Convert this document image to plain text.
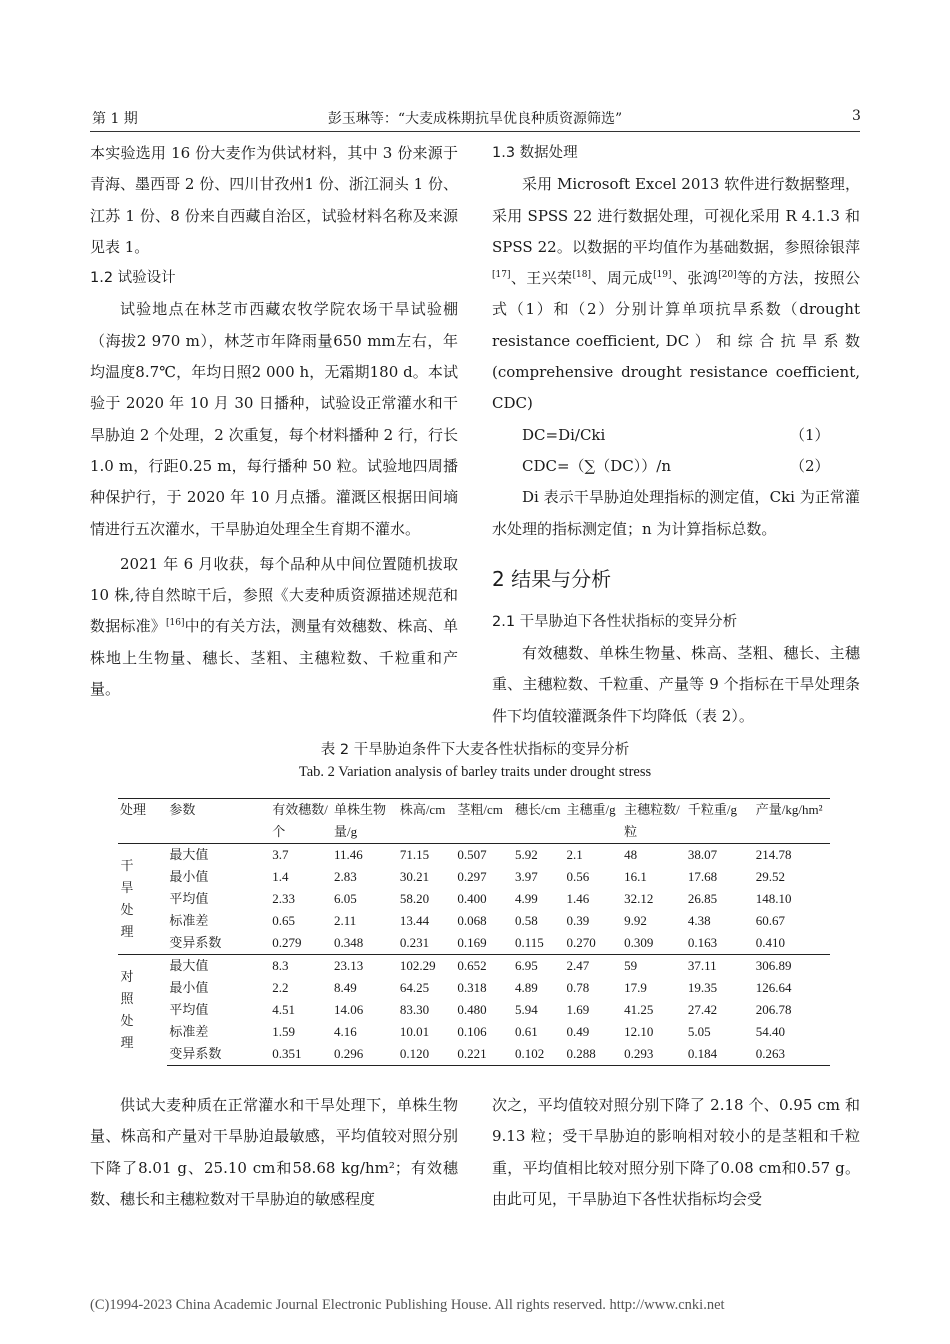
第 1 期	彭玉琳等：“大麦成株期抗旱优良种质资源筛选”	3

本实验选用 16 份大麦作为供试材料，其中 3 份来源于青海、墨西哥 2 份、四川甘孜州1 份、浙江洞头 1 份、江苏 1 份、8 份来自西藏自治区，试验材料名称及来源见表 1。

1.2 试验设计

试验地点在林芝市西藏农牧学院农场干旱试验棚（海拔2 970 m），林芝市年降雨量650 mm左右，年均温度8.7℃，年均日照2 000 h，无霜期180 d。本试验于 2020 年 10 月 30 日播种，试验设正常灌水和干旱胁迫 2 个处理，2 次重复，每个材料播种 2 行，行长1.0 m，行距0.25 m，每行播种 50 粒。试验地四周播种保护行，于 2020 年 10 月点播。灌溉区根据田间墒情进行五次灌水，干旱胁迫处理全生育期不灌水。

2021 年 6 月收获，每个品种从中间位置随机拔取 10 株,待自然晾干后，参照《大麦种质资源描述规范和数据标准》[16]中的有关方法，测量有效穗数、株高、单株地上生物量、穗长、茎粗、主穗粒数、千粒重和产量。

1.3 数据处理

采用 Microsoft Excel 2013 软件进行数据整理，采用 SPSS 22 进行数据处理，可视化采用 R 4.1.3 和 SPSS 22。以数据的平均值作为基础数据，参照徐银萍[17]、王兴荣[18]、周元成[19]、张鸿[20]等的方法，按照公式（1）和（2）分别计算单项抗旱系数（drought resistance coefficient, DC ） 和 综 合 抗 旱 系 数 (comprehensive drought resistance coefficient, CDC)

DC=Di/Cki	（1）

CDC=（∑（DC））/n	（2）

Di 表示干旱胁迫处理指标的测定值，Cki 为正常灌水处理的指标测定值；n 为计算指标总数。

2 结果与分析

2.1 干旱胁迫下各性状指标的变异分析

有效穗数、单株生物量、株高、茎粗、穗长、主穗重、主穗粒数、千粒重、产量等 9 个指标在干旱处理条件下均值较灌溉条件下均降低（表 2）。

表 2 干旱胁迫条件下大麦各性状指标的变异分析
Tab. 2 Variation analysis of barley traits under drought stress
处理	参数	有效穗数/个	单株生物量/g	株高/cm	茎粗/cm	穗长/cm	主穗重/g	主穗粒数/粒	千粒重/g	产量/kg/hm²

干旱处理	最大值	3.7	11.46	71.15	0.507	5.92	2.1	48	38.07	214.78
	最小值	1.4	2.83	30.21	0.297	3.97	0.56	16.1	17.68	29.52
	平均值	2.33	6.05	58.20	0.400	4.99	1.46	32.12	26.85	148.10
	标准差	0.65	2.11	13.44	0.068	0.58	0.39	9.92	4.38	60.67
	变异系数	0.279	0.348	0.231	0.169	0.115	0.270	0.309	0.163	0.410

对照处理	最大值	8.3	23.13	102.29	0.652	6.95	2.47	59	37.11	306.89
	最小值	2.2	8.49	64.25	0.318	4.89	0.78	17.9	19.35	126.64
	平均值	4.51	14.06	83.30	0.480	5.94	1.69	41.25	27.42	206.78
	标准差	1.59	4.16	10.01	0.106	0.61	0.49	12.10	5.05	54.40
	变异系数	0.351	0.296	0.120	0.221	0.102	0.288	0.293	0.184	0.263

供试大麦种质在正常灌水和干旱处理下，单株生物量、株高和产量对干旱胁迫最敏感，平均值较对照分别下降了8.01 g、25.10 cm和58.68 kg/hm²；有效穗数、穗长和主穗粒数对干旱胁迫的敏感程度

次之，平均值较对照分别下降了 2.18 个、0.95 cm 和 9.13 粒；受干旱胁迫的影响相对较小的是茎粗和千粒重，平均值相比较对照分别下降了0.08 cm和0.57 g。由此可见，干旱胁迫下各性状指标均会受

(C)1994-2023 China Academic Journal Electronic Publishing House. All rights reserved. http://www.cnki.net
